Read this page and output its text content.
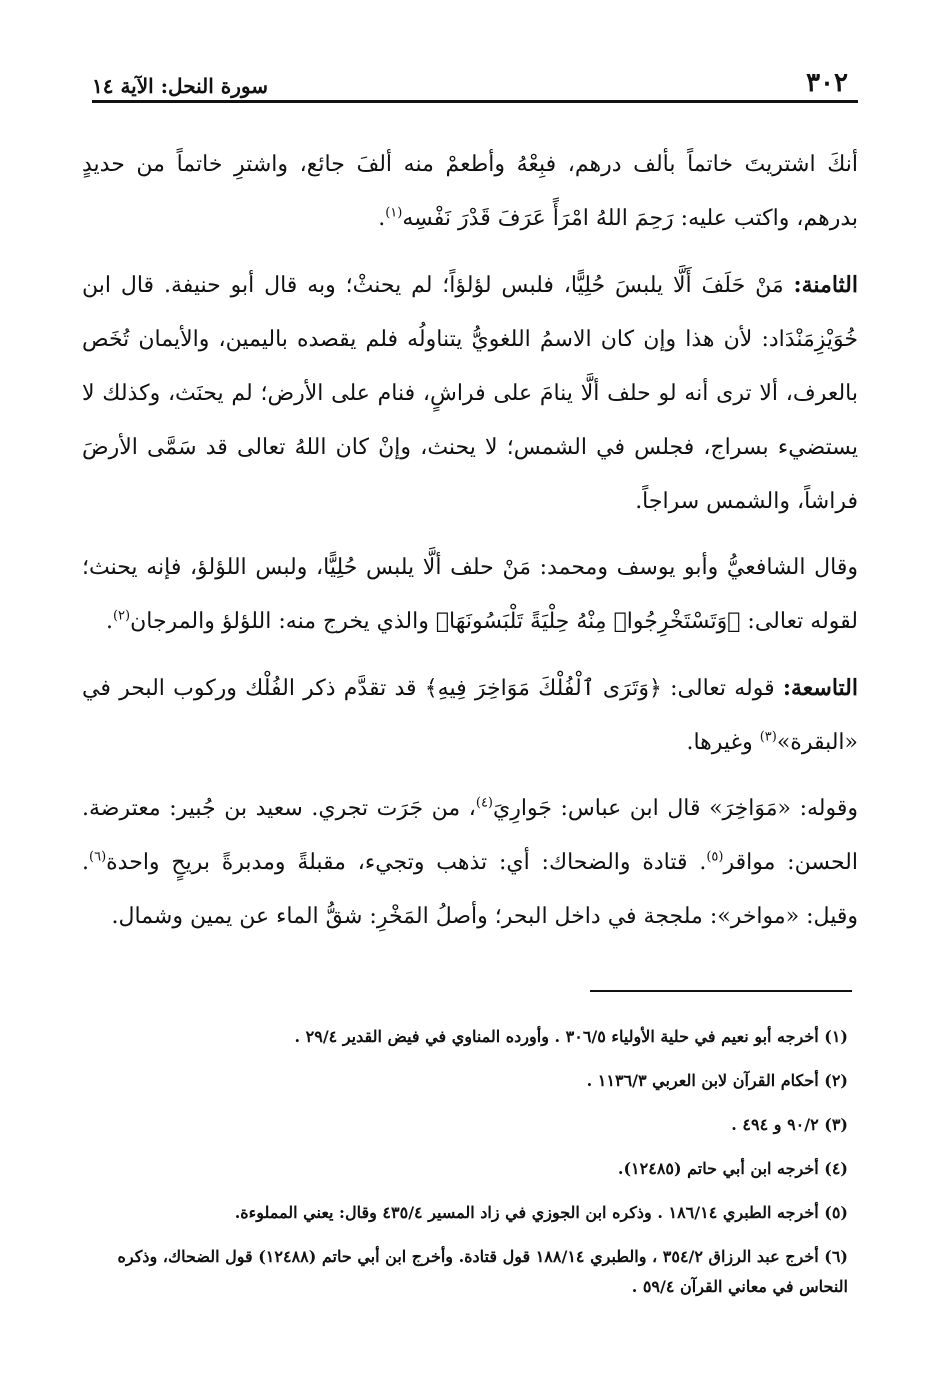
٣٠٢
سورة النحل: الآية ١٤

أنكَ اشتريتَ خاتماً بألف درهم، فبِعْهُ وأطعمْ منه ألفَ جائع، واشترِ خاتماً من حديدٍ بدرهم، واكتب عليه: رَحِمَ اللهُ امْرَأً عَرَفَ قَدْرَ نَفْسِه$^{(١)}$.

الثامنة: مَنْ حَلَفَ أَلَّا يلبسَ حُلِيًّا، فلبس لؤلؤاً؛ لم يحنثْ؛ وبه قال أبو حنيفة. قال ابن خُوَيْزِمَنْدَاد: لأن هذا وإن كان الاسمُ اللغويُّ يتناولُه فلم يقصده باليمين، والأيمان تُخَص بالعرف، ألا ترى أنه لو حلف ألَّا ينامَ على فراشٍ، فنام على الأرض؛ لم يحنَث، وكذلك لا يستضيء بسراج، فجلس في الشمس؛ لا يحنث، وإنْ كان اللهُ تعالى قد سَمَّى الأرضَ فراشاً، والشمس سراجاً.

وقال الشافعيُّ وأبو يوسف ومحمد: مَنْ حلف ألَّا يلبس حُلِيًّا، ولبس اللؤلؤ، فإنه يحنث؛ لقوله تعالى: ﴿وَتَسْتَخْرِجُوا۟ مِنْهُ حِلْيَةً تَلْبَسُونَهَا﴾ والذي يخرج منه: اللؤلؤ والمرجان$^{(٢)}$.

التاسعة: قوله تعالى: ﴿وَتَرَى ٱلْفُلْكَ مَوَاخِرَ فِيهِ﴾ قد تقدَّم ذكر الفُلْك وركوب البحر في «البقرة»$^{(٣)}$ وغيرها.

وقوله: «مَوَاخِرَ» قال ابن عباس: جَوارِيَ$^{(٤)}$، من جَرَت تجري. سعيد بن جُبير: معترضة. الحسن: مواقر$^{(٥)}$. قتادة والضحاك: أي: تذهب وتجيء، مقبلةً ومدبرةً بريحٍ واحدة$^{(٦)}$. وقيل: «مواخر»: ملججة في داخل البحر؛ وأصلُ المَخْرِ: شقُّ الماء عن يمين وشمال.

(١) أخرجه أبو نعيم في حلية الأولياء ٣٠٦/٥ . وأورده المناوي في فيض القدير ٢٩/٤ .
(٢) أحكام القرآن لابن العربي ١١٣٦/٣ .
(٣) ٩٠/٢ و ٤٩٤ .
(٤) أخرجه ابن أبي حاتم (١٢٤٨٥).
(٥) أخرجه الطبري ١٨٦/١٤ . وذكره ابن الجوزي في زاد المسير ٤٣٥/٤ وقال: يعني المملوءة.
(٦) أخرج عبد الرزاق ٣٥٤/٢ ، والطبري ١٨٨/١٤ قول قتادة. وأخرج ابن أبي حاتم (١٢٤٨٨) قول الضحاك، وذكره النحاس في معاني القرآن ٥٩/٤ .
